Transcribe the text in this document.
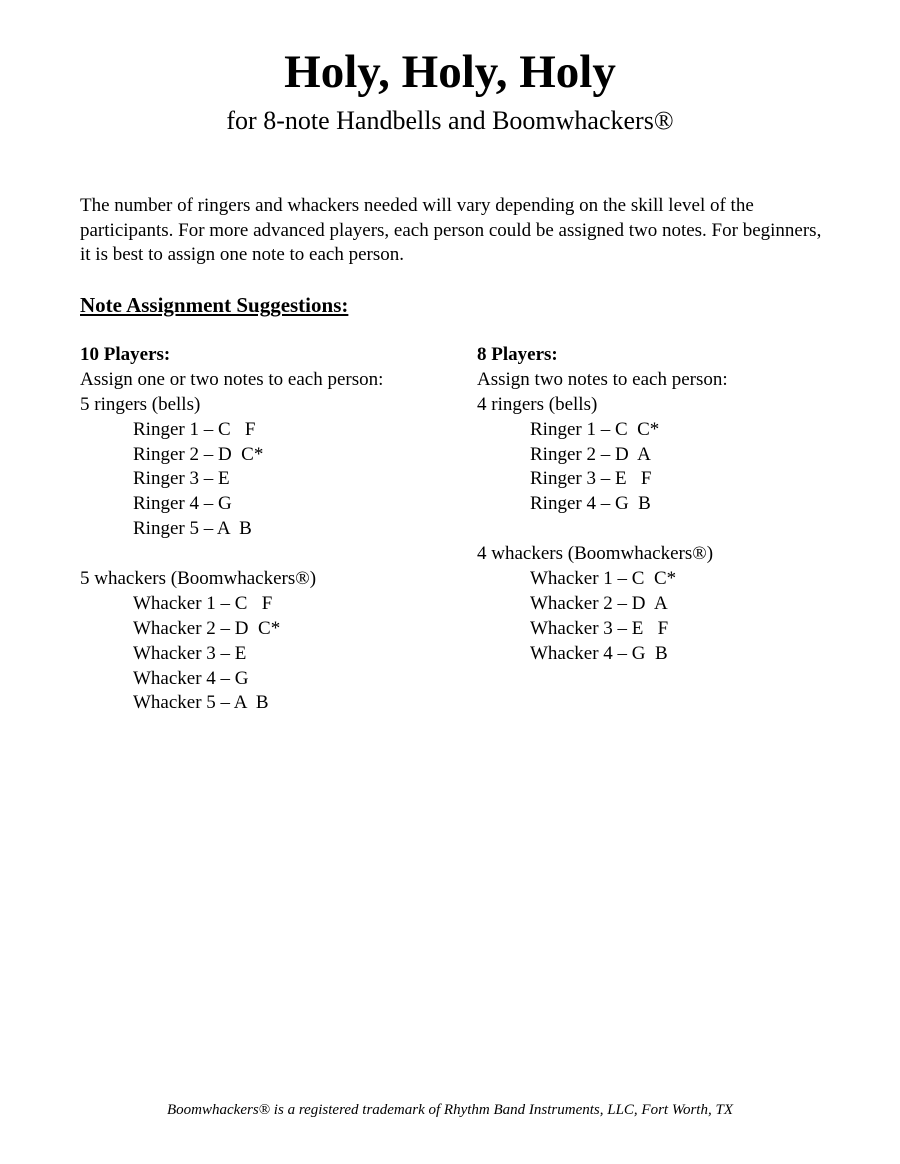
Holy, Holy, Holy
for 8-note Handbells and Boomwhackers®

The number of ringers and whackers needed will vary depending on the skill level of the participants. For more advanced players, each person could be assigned two notes. For beginners, it is best to assign one note to each person.

Note Assignment Suggestions:
10 Players:
Assign one or two notes to each person:
5 ringers (bells)
Ringer 1 – C   F
Ringer 2 – D  C*
Ringer 3 – E
Ringer 4 – G
Ringer 5 – A  B
5 whackers (Boomwhackers®)
Whacker 1 – C   F
Whacker 2 – D  C*
Whacker 3 – E
Whacker 4 – G
Whacker 5 – A  B
8 Players:
Assign two notes to each person:
4 ringers (bells)
Ringer 1 – C  C*
Ringer 2 – D  A
Ringer 3 – E   F
Ringer 4 – G  B
4 whackers (Boomwhackers®)
Whacker 1 – C  C*
Whacker 2 – D  A
Whacker 3 – E   F
Whacker 4 – G  B
Boomwhackers® is a registered trademark of Rhythm Band Instruments, LLC, Fort Worth, TX
